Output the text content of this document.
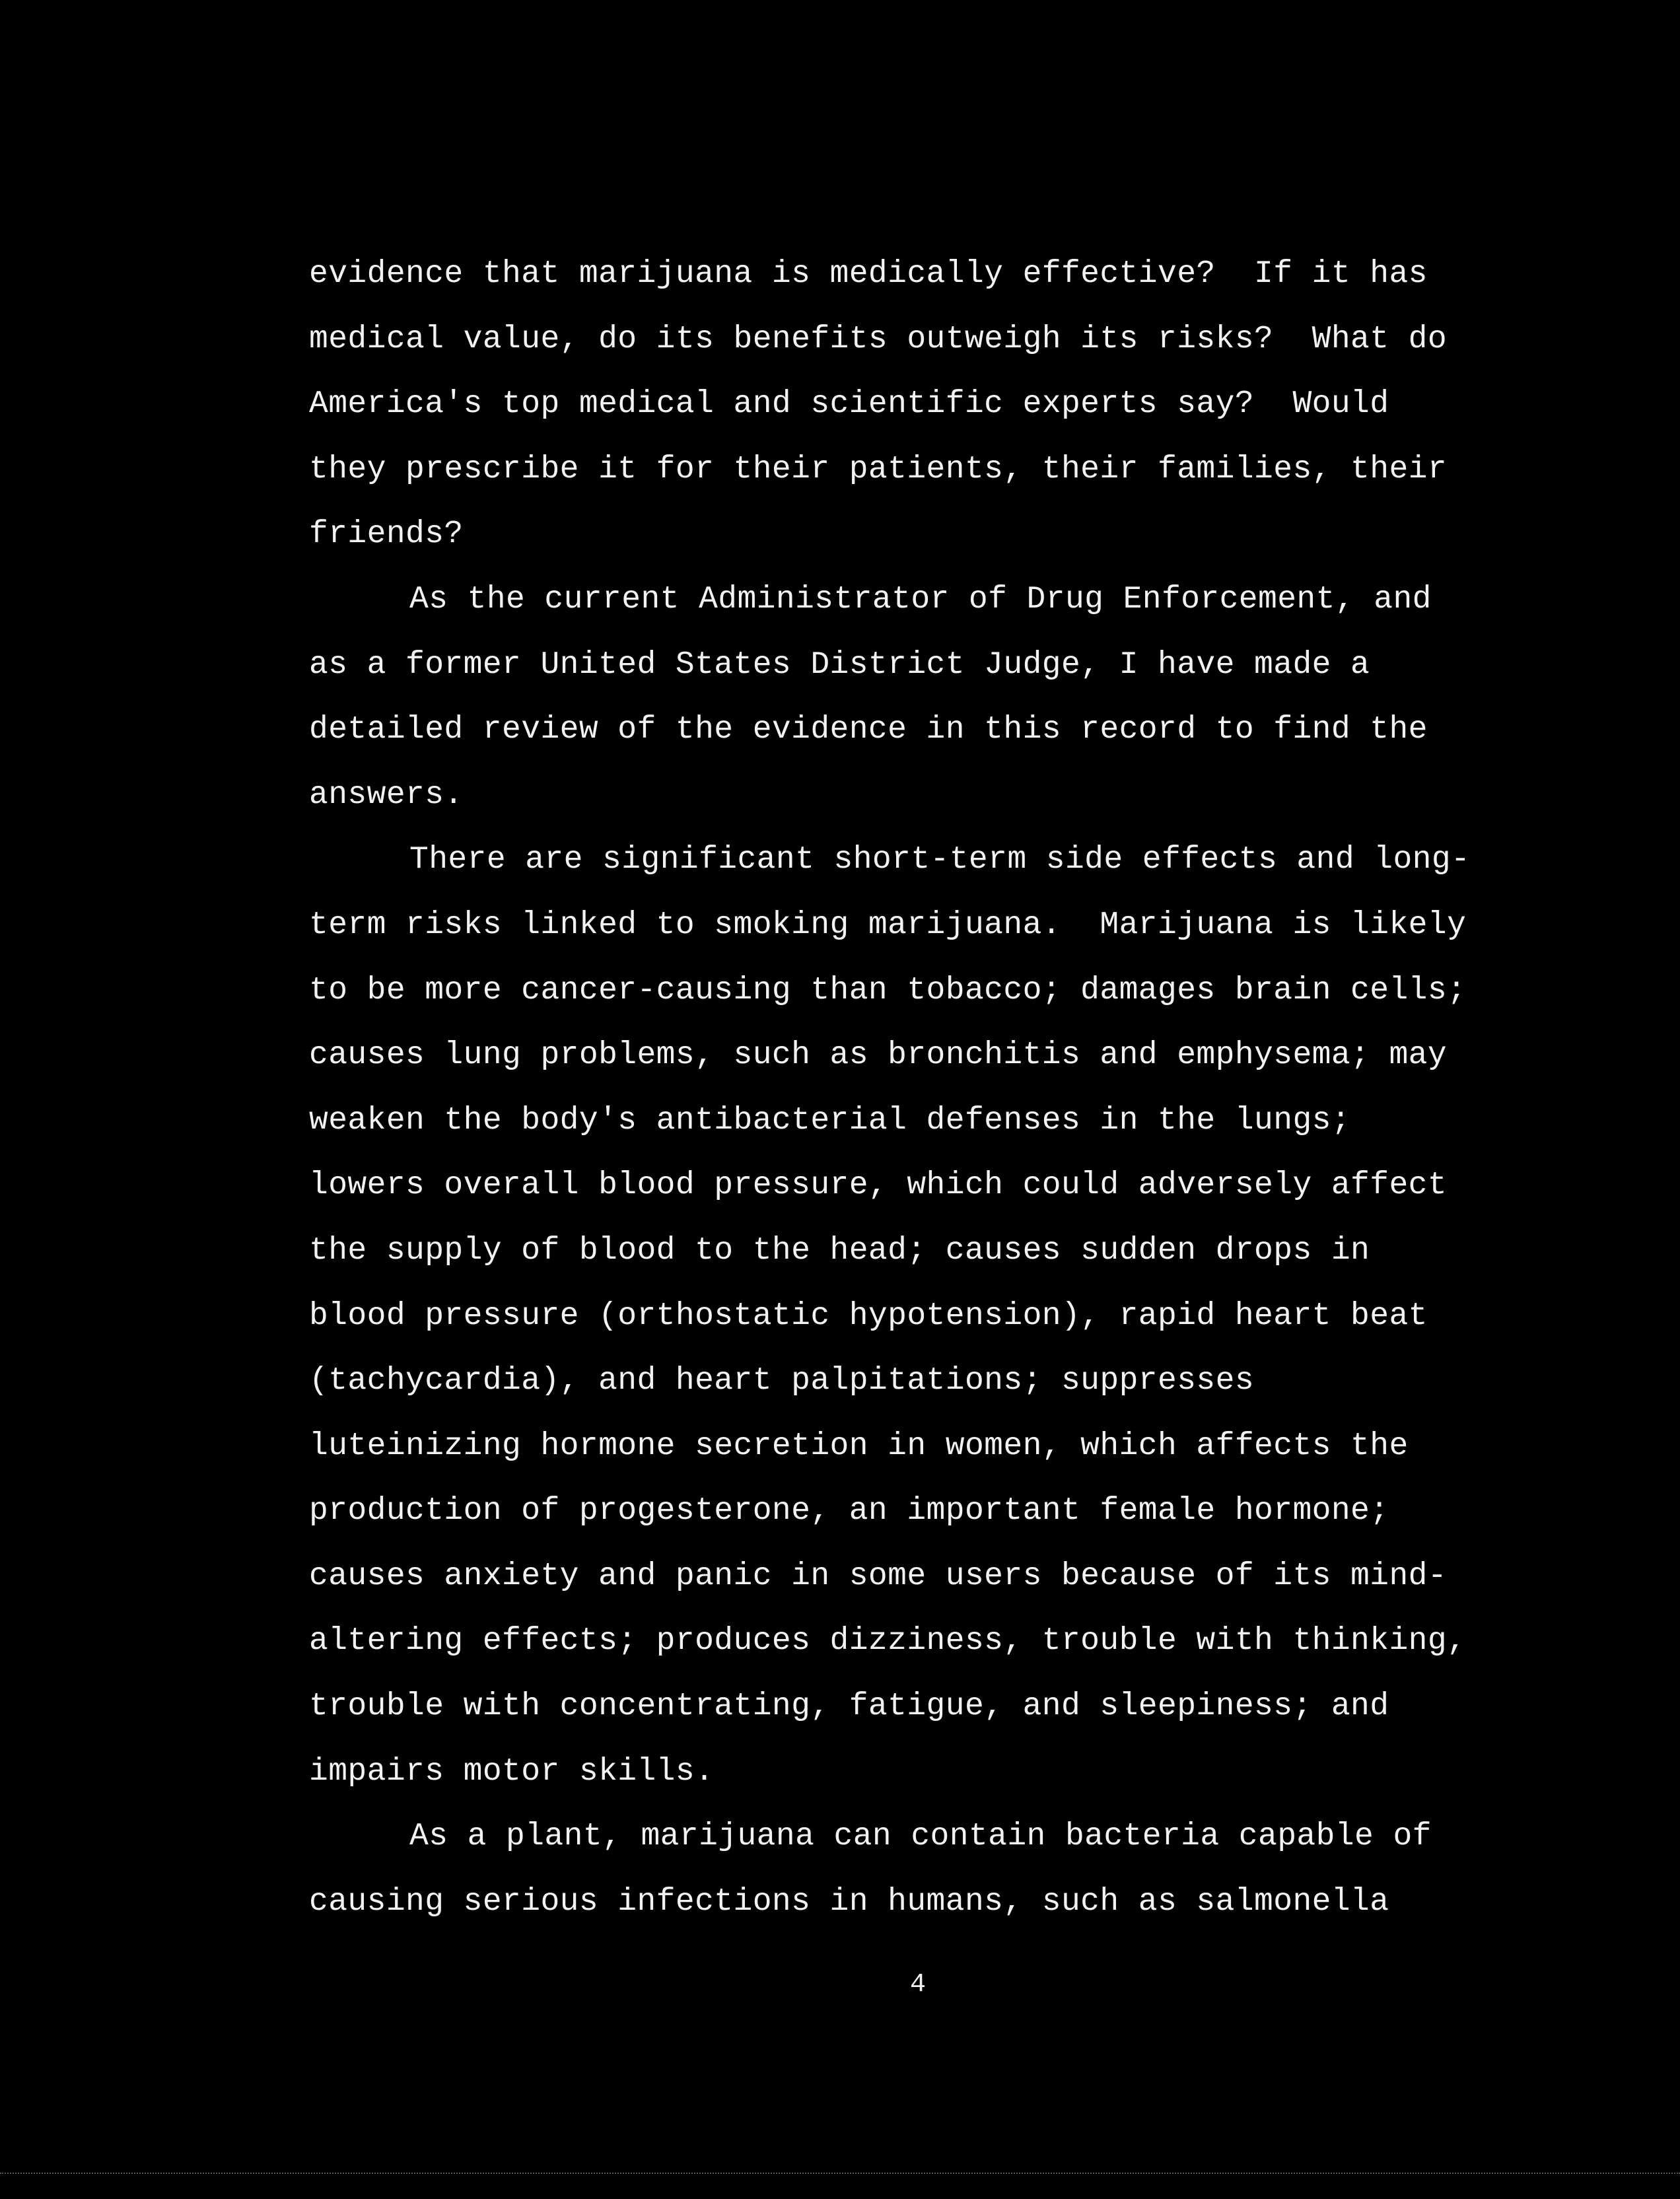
evidence that marijuana is medically effective?  If it has
medical value, do its benefits outweigh its risks?  What do
America's top medical and scientific experts say?  Would
they prescribe it for their patients, their families, their
friends?
As the current Administrator of Drug Enforcement, and
as a former United States District Judge, I have made a
detailed review of the evidence in this record to find the
answers.
There are significant short-term side effects and long-
term risks linked to smoking marijuana.  Marijuana is likely
to be more cancer-causing than tobacco; damages brain cells;
causes lung problems, such as bronchitis and emphysema; may
weaken the body's antibacterial defenses in the lungs;
lowers overall blood pressure, which could adversely affect
the supply of blood to the head; causes sudden drops in
blood pressure (orthostatic hypotension), rapid heart beat
(tachycardia), and heart palpitations; suppresses
luteinizing hormone secretion in women, which affects the
production of progesterone, an important female hormone;
causes anxiety and panic in some users because of its mind-
altering effects; produces dizziness, trouble with thinking,
trouble with concentrating, fatigue, and sleepiness; and
impairs motor skills.
As a plant, marijuana can contain bacteria capable of
causing serious infections in humans, such as salmonella
4
